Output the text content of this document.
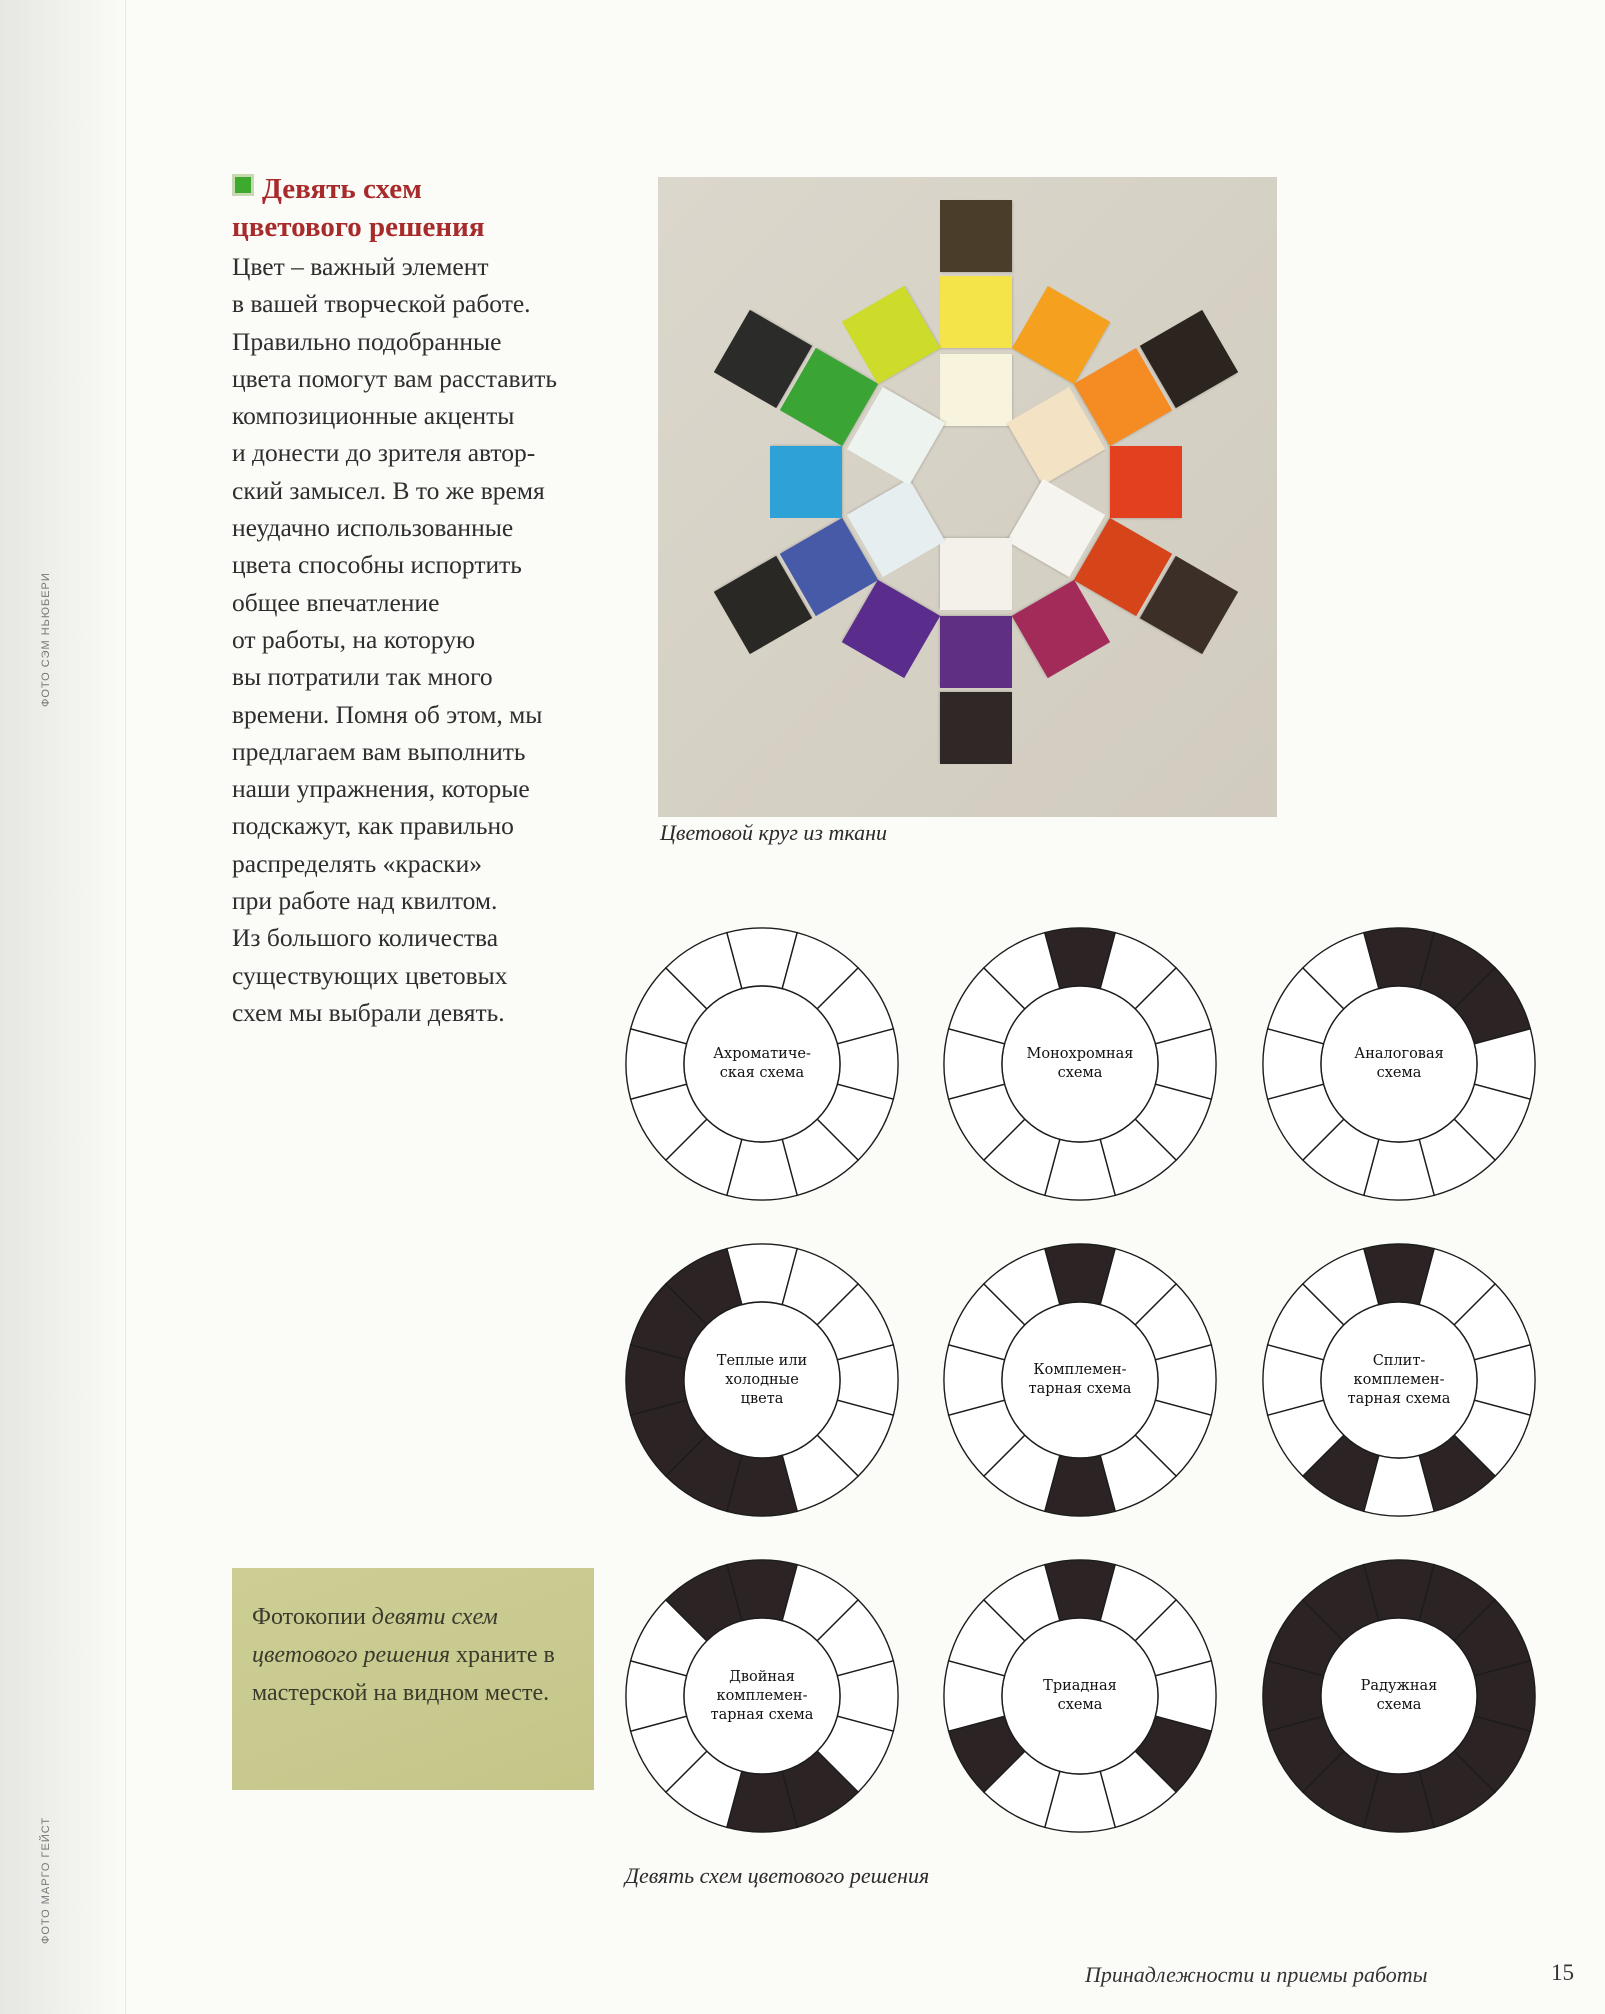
ФОТО СЭМ НЬЮБЕРИ
ФОТО МАРГО ГЕЙСТ
Девять схем
цветового решения
Цвет – важный элемент
в вашей творческой работе.
Правильно подобранные
цвета помогут вам расставить
композиционные акценты
и донести до зрителя автор-
ский замысел. В то же время
неудачно использованные
цвета способны испортить
общее впечатление
от работы, на которую
вы потратили так много
времени. Помня об этом, мы
предлагаем вам выполнить
наши упражнения, которые
подскажут, как правильно
распределять «краски»
при работе над квилтом.
Из большого количества
существующих цветовых
схем мы выбрали девять.
Цветовой круг из ткани
Ахроматиче-
ская схема
Монохромная
схема
Аналоговая
схема
Теплые или
холодные
цвета
Комплемен-
тарная схема
Сплит-
комплемен-
тарная схема
Двойная
комплемен-
тарная схема
Триадная
схема
Радужная
схема
Девять схем цветового решения
Фотокопии девяти схем цветового решения храните в мастерской на видном месте.
Принадлежности и приемы работы	15
